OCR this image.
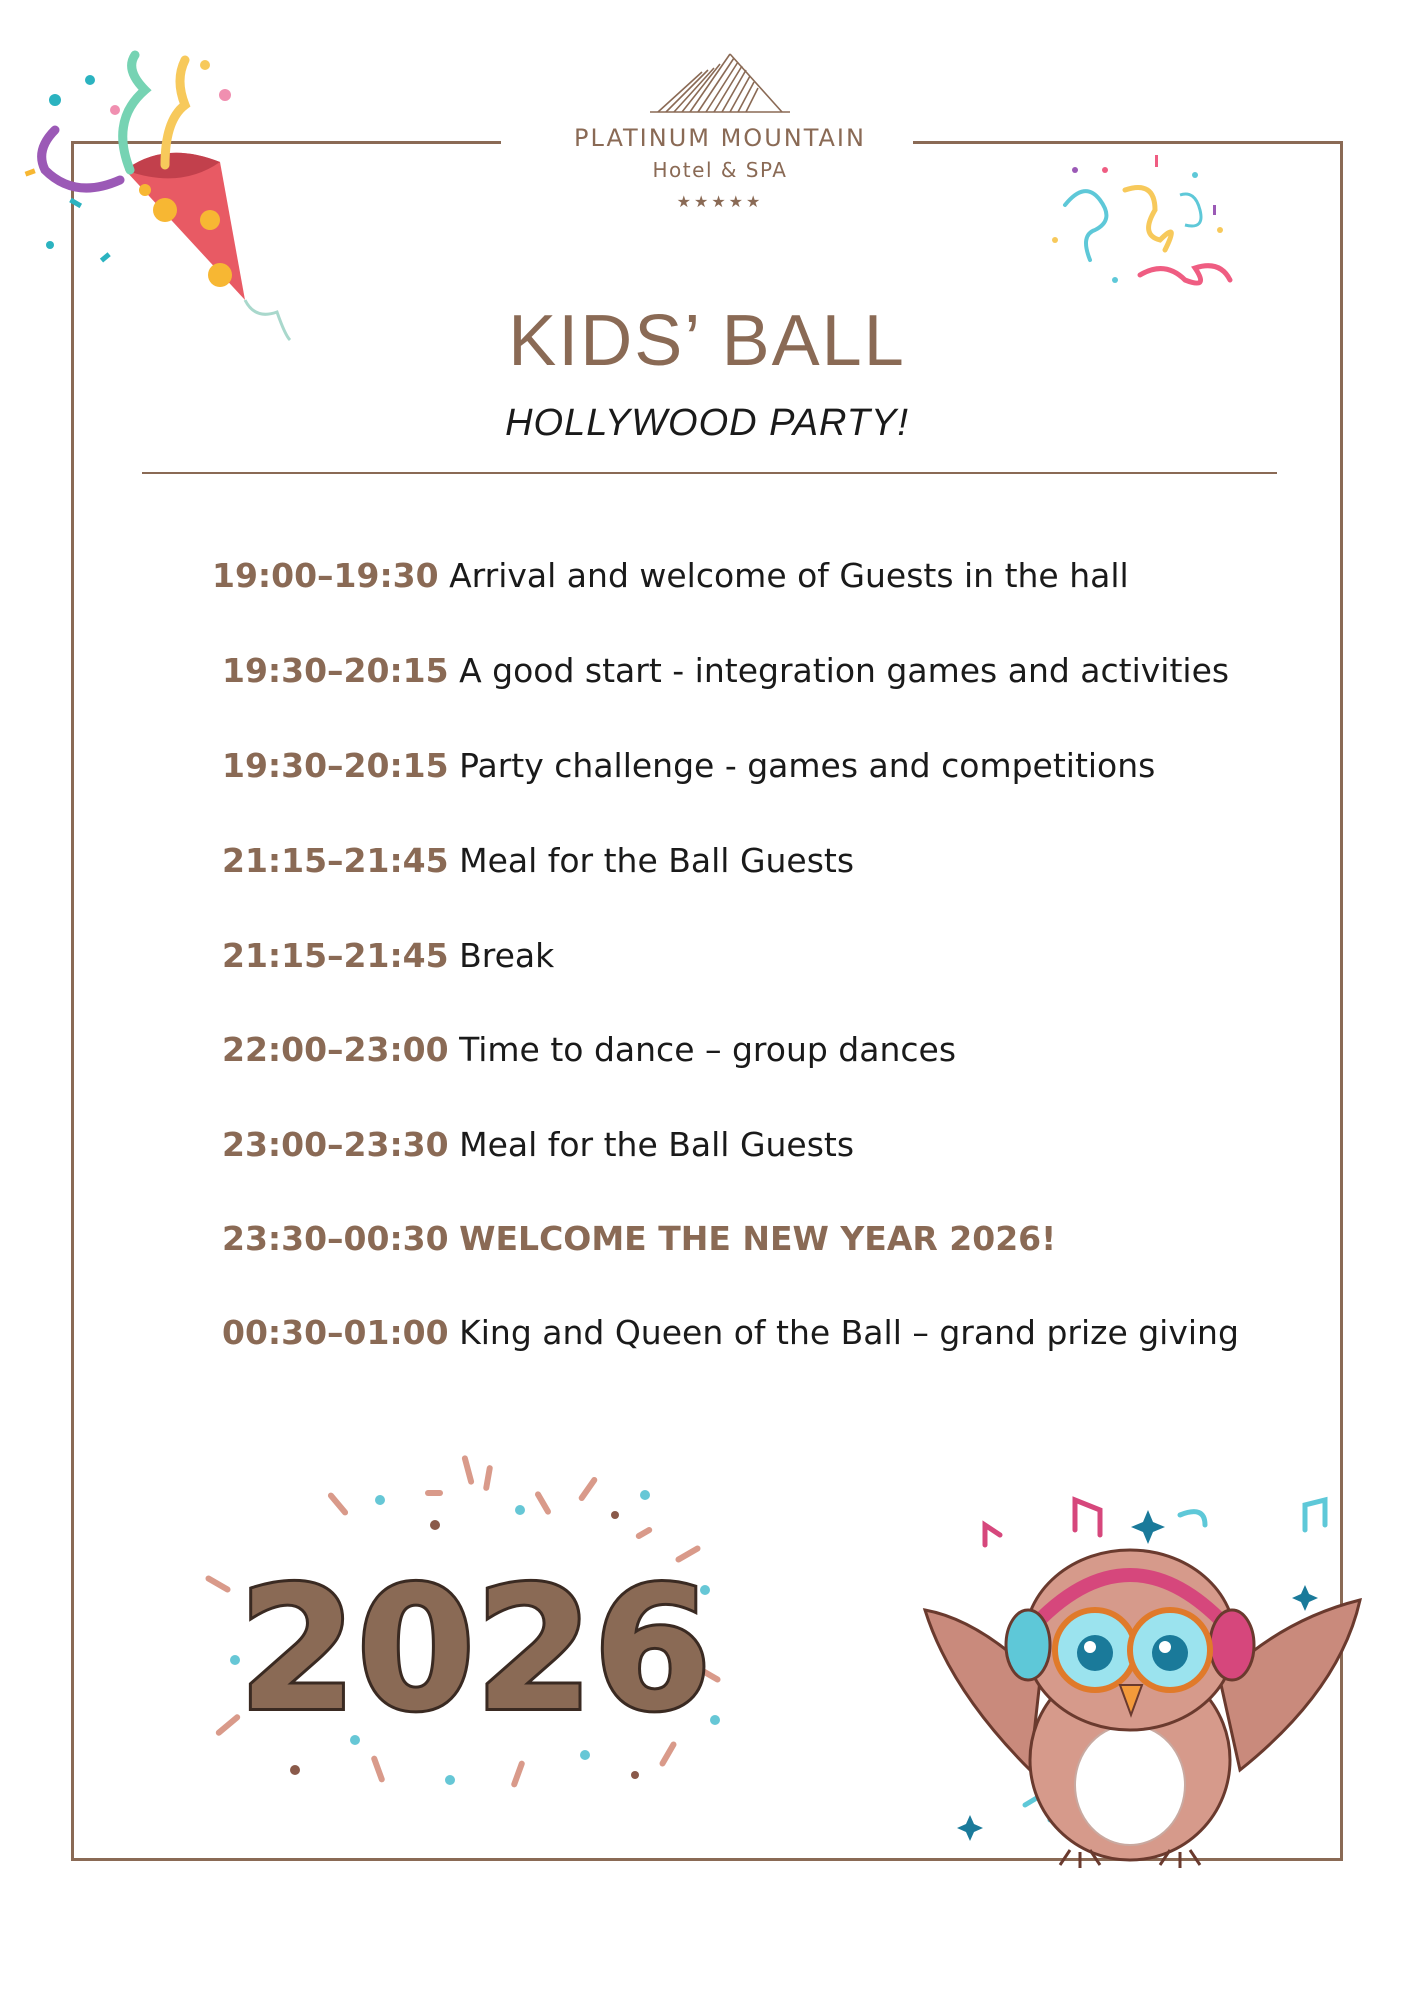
PLATINUM MOUNTAIN
Hotel & SPA
★★★★★
KIDS’ BALL
HOLLYWOOD PARTY!
19:00–19:30 Arrival and welcome of Guests in the hall
19:30–20:15 A good start - integration games and activities
19:30–20:15 Party challenge - games and competitions
21:15–21:45 Meal for the Ball Guests
21:15–21:45 Break
22:00–23:00 Time to dance – group dances
23:00–23:30 Meal for the Ball Guests
23:30–00:30 WELCOME THE NEW YEAR 2026!
00:30–01:00 King and Queen of the Ball – grand prize giving
2026
